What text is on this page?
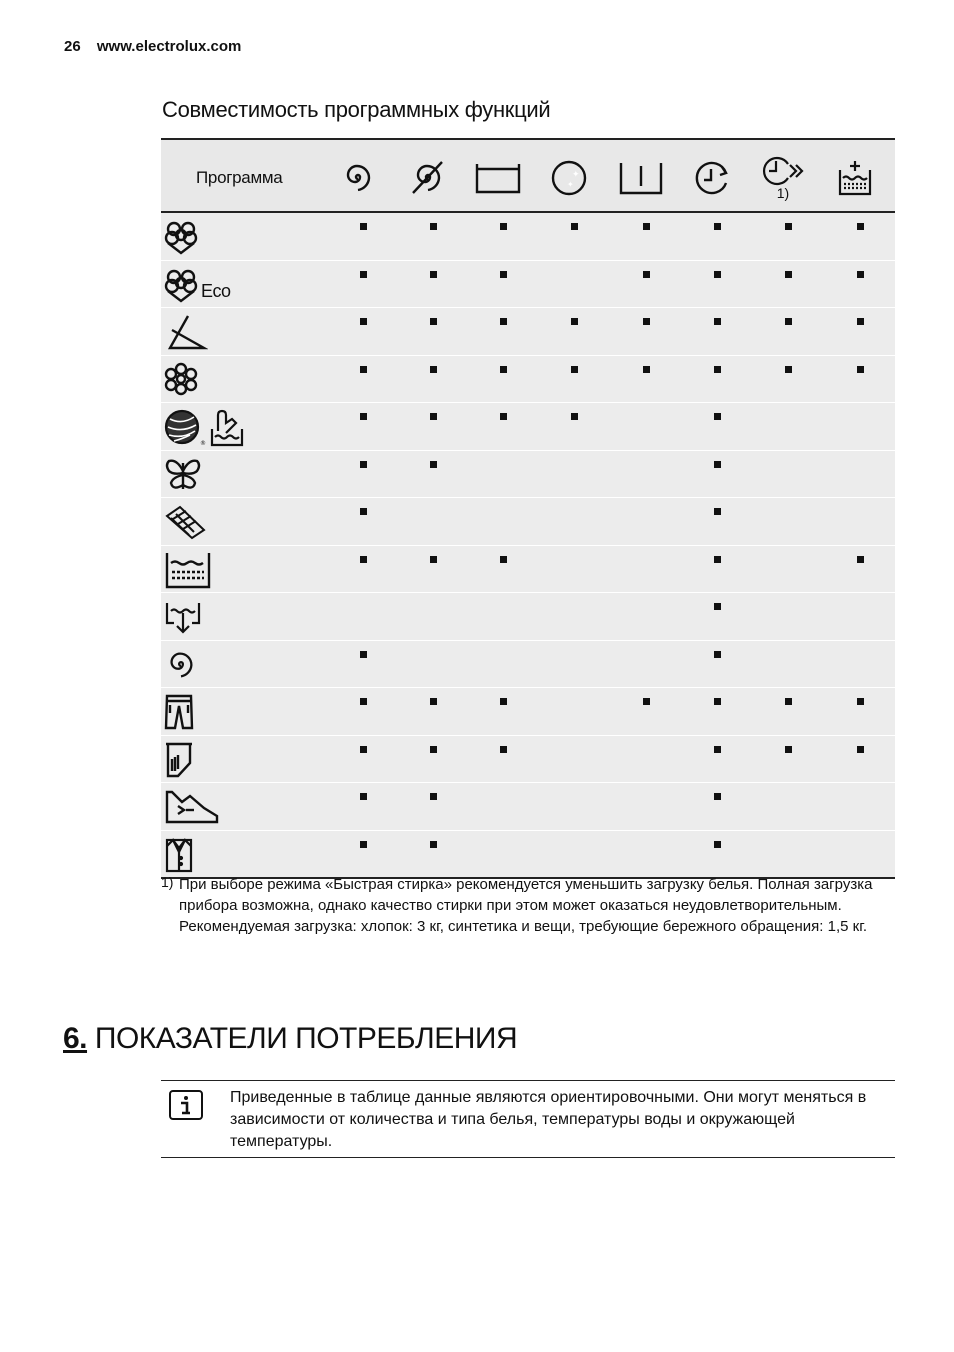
26 www.electrolux.com
Совместимость программных функций
Программа	✦
✦
1)
Eco
®
1) При выборе режима «Быстрая стирка» рекомендуется уменьшить загрузку белья. Полная загрузка прибора возможна, однако качество стирки при этом может оказаться неудовлетворительным. Рекомендуемая загрузка: хлопок: 3 кг, синтетика и вещи, требующие бережного обращения: 1,5 кг.
6. ПОКАЗАТЕЛИ ПОТРЕБЛЕНИЯ
Приведенные в таблице данные являются ориентировочными. Они могут меняться в зависимости от количества и типа белья, температуры воды и окружающей температуры.
